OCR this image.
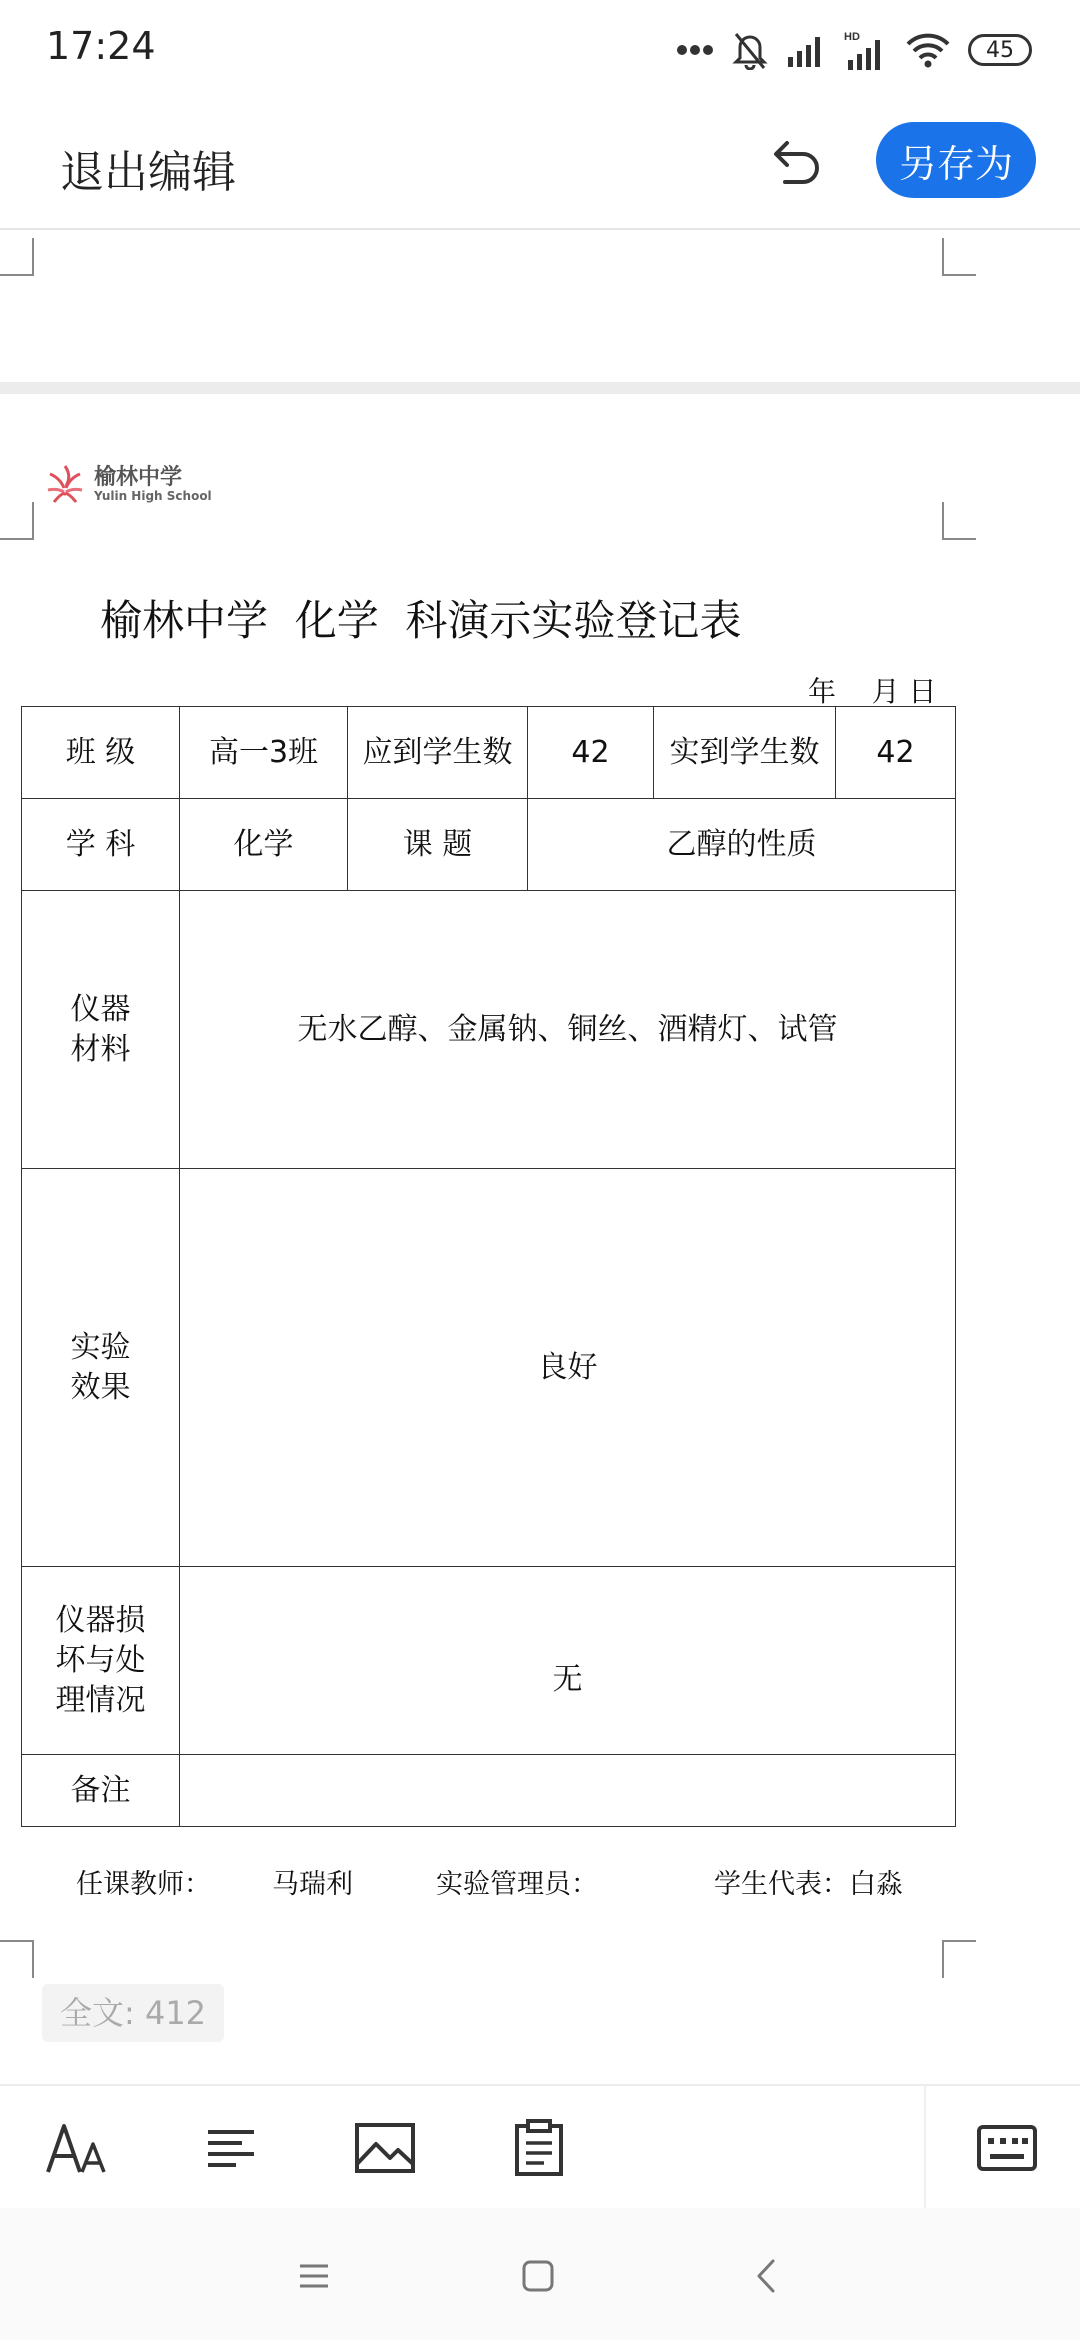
17:24	HD
45
退出编辑	另存为
榆林中学
Yulin High School
榆林中学  化学  科演示实验登记表
年    月 日
班 级	高一3班	应到学生数	42	实到学生数	42
学 科	化学	课 题	乙醇的性质		

仪器
材料	无水乙醇、金属钠、铜丝、酒精灯、试管				

实验
效果	良好				

仪器损
坏与处
理情况	无				

备注					

任课教师：

马瑞利

	实验管理员：

	学生代表：白淼

全文: 412
